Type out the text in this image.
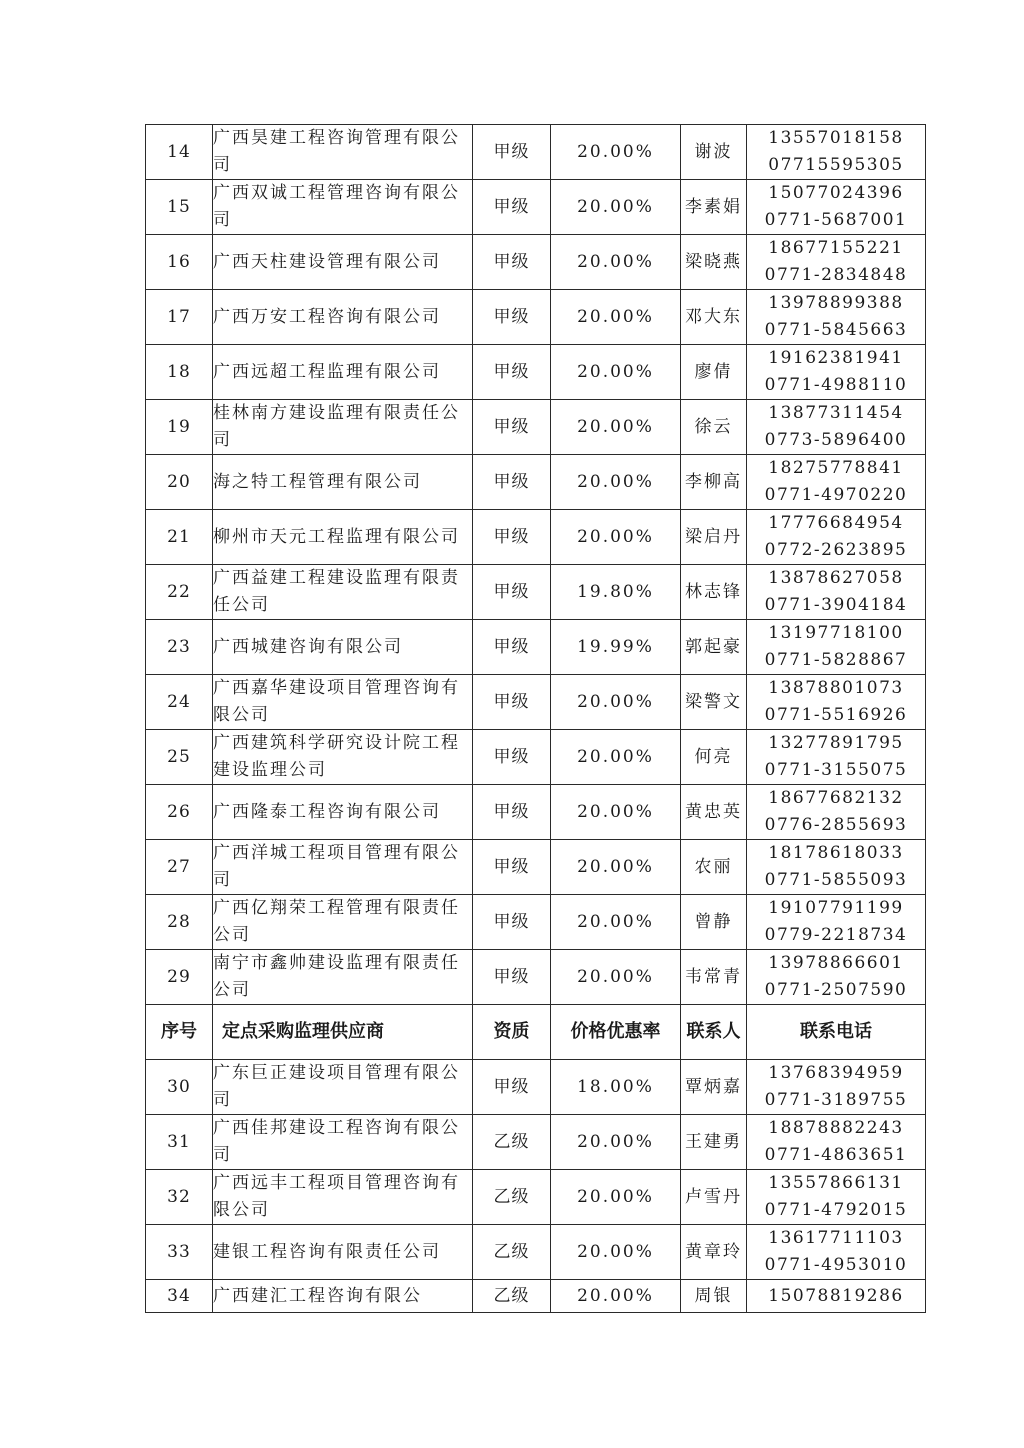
14	广西昊建工程咨询管理有限公司	甲级	20.00%	谢波	13557018158
07715595305

15	广西双诚工程管理咨询有限公司	甲级	20.00%	李素娟	15077024396
0771-5687001

16	广西天柱建设管理有限公司	甲级	20.00%	梁晓燕	18677155221
0771-2834848

17	广西万安工程咨询有限公司	甲级	20.00%	邓大东	13978899388
0771-5845663

18	广西远超工程监理有限公司	甲级	20.00%	廖倩	19162381941
0771-4988110

19	桂林南方建设监理有限责任公司	甲级	20.00%	徐云	13877311454
0773-5896400

20	海之特工程管理有限公司	甲级	20.00%	李柳高	18275778841
0771-4970220

21	柳州市天元工程监理有限公司	甲级	20.00%	梁启丹	17776684954
0772-2623895

22	广西益建工程建设监理有限责任公司	甲级	19.80%	林志锋	13878627058
0771-3904184

23	广西城建咨询有限公司	甲级	19.99%	郭起豪	13197718100
0771-5828867

24	广西嘉华建设项目管理咨询有限公司	甲级	20.00%	梁警文	13878801073
0771-5516926

25	广西建筑科学研究设计院工程建设监理公司	甲级	20.00%	何亮	13277891795
0771-3155075

26	广西隆泰工程咨询有限公司	甲级	20.00%	黄忠英	18677682132
0776-2855693

27	广西洋城工程项目管理有限公司	甲级	20.00%	农丽	18178618033
0771-5855093

28	广西亿翔荣工程管理有限责任公司	甲级	20.00%	曾静	19107791199
0779-2218734

29	南宁市鑫帅建设监理有限责任公司	甲级	20.00%	韦常青	13978866601
0771-2507590

序号	定点采购监理供应商	资质	价格优惠率	联系人	联系电话
30	广东巨正建设项目管理有限公司	甲级	18.00%	覃炳嘉	13768394959
0771-3189755

31	广西佳邦建设工程咨询有限公司	乙级	20.00%	王建勇	18878882243
0771-4863651

32	广西远丰工程项目管理咨询有限公司	乙级	20.00%	卢雪丹	13557866131
0771-4792015

33	建银工程咨询有限责任公司	乙级	20.00%	黄章玲	13617711103
0771-4953010

34	广西建汇工程咨询有限公	乙级	20.00%	周银	15078819286
